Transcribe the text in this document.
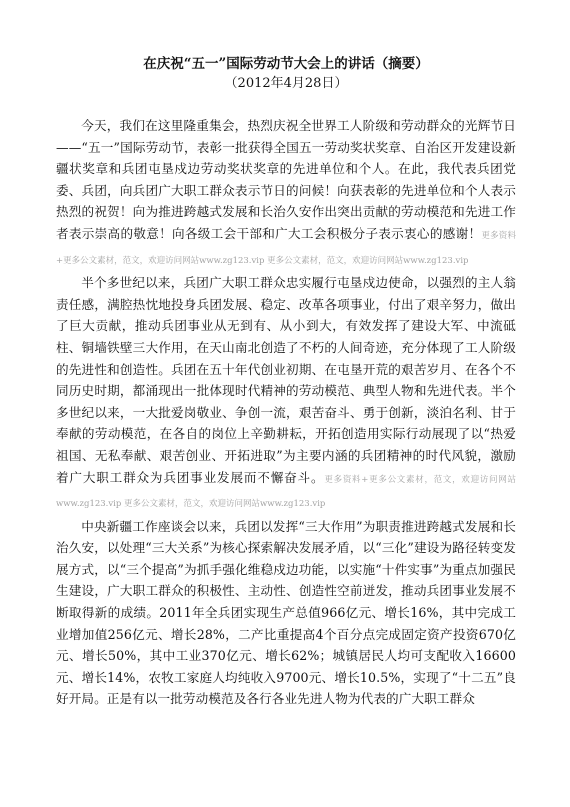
在庆祝“五一”国际劳动节大会上的讲话（摘要）

（2012年4月28日）

今天，我们在这里隆重集会，热烈庆祝全世界工人阶级和劳动群众的光辉节日——“五一”国际劳动节，表彰一批获得全国五一劳动奖状奖章、自治区开发建设新疆状奖章和兵团屯垦戍边劳动奖状奖章的先进单位和个人。在此，我代表兵团党委、兵团，向兵团广大职工群众表示节日的问候！向获表彰的先进单位和个人表示热烈的祝贺！向为推进跨越式发展和长治久安作出突出贡献的劳动模范和先进工作者表示崇高的敬意！向各级工会干部和广大工会积极分子表示衷心的感谢！更多资料+更多公文素材，范文，欢迎访问网站www.zg123.vip 更多公文素材，范文，欢迎访问网站www.zg123.vip

半个多世纪以来，兵团广大职工群众忠实履行屯垦戍边使命，以强烈的主人翁责任感，满腔热忱地投身兵团发展、稳定、改革各项事业，付出了艰辛努力，做出了巨大贡献，推动兵团事业从无到有、从小到大，有效发挥了建设大军、中流砥柱、铜墙铁壁三大作用，在天山南北创造了不朽的人间奇迹，充分体现了工人阶级的先进性和创造性。兵团在五十年代创业初期、在屯垦开荒的艰苦岁月、在各个不同历史时期，都涌现出一批体现时代精神的劳动模范、典型人物和先进代表。半个多世纪以来，一大批爱岗敬业、争创一流，艰苦奋斗、勇于创新，淡泊名利、甘于奉献的劳动模范，在各自的岗位上辛勤耕耘，开拓创造用实际行动展现了以“热爱祖国、无私奉献、艰苦创业、开拓进取”为主要内涵的兵团精神的时代风貌，激励着广大职工群众为兵团事业发展而不懈奋斗。更多资料+更多公文素材，范文，欢迎访问网站www.zg123.vip 更多公文素材，范文，欢迎访问网站www.zg123.vip

中央新疆工作座谈会以来，兵团以发挥“三大作用”为职责推进跨越式发展和长治久安，以处理“三大关系”为核心探索解决发展矛盾，以“三化”建设为路径转变发展方式，以“三个提高”为抓手强化维稳戍边功能，以实施“十件实事”为重点加强民生建设，广大职工群众的积极性、主动性、创造性空前迸发，推动兵团事业发展不断取得新的成绩。2011年全兵团实现生产总值966亿元、增长16%，其中完成工业增加值256亿元、增长28%，二产比重提高4个百分点完成固定资产投资670亿元、增长50%，其中工业370亿元、增长62%；城镇居民人均可支配收入16600元、增长14%，农牧工家庭人均纯收入9700元、增长10.5%，实现了“十二五”良好开局。正是有以一批劳动模范及各行各业先进人物为代表的广大职工群众
